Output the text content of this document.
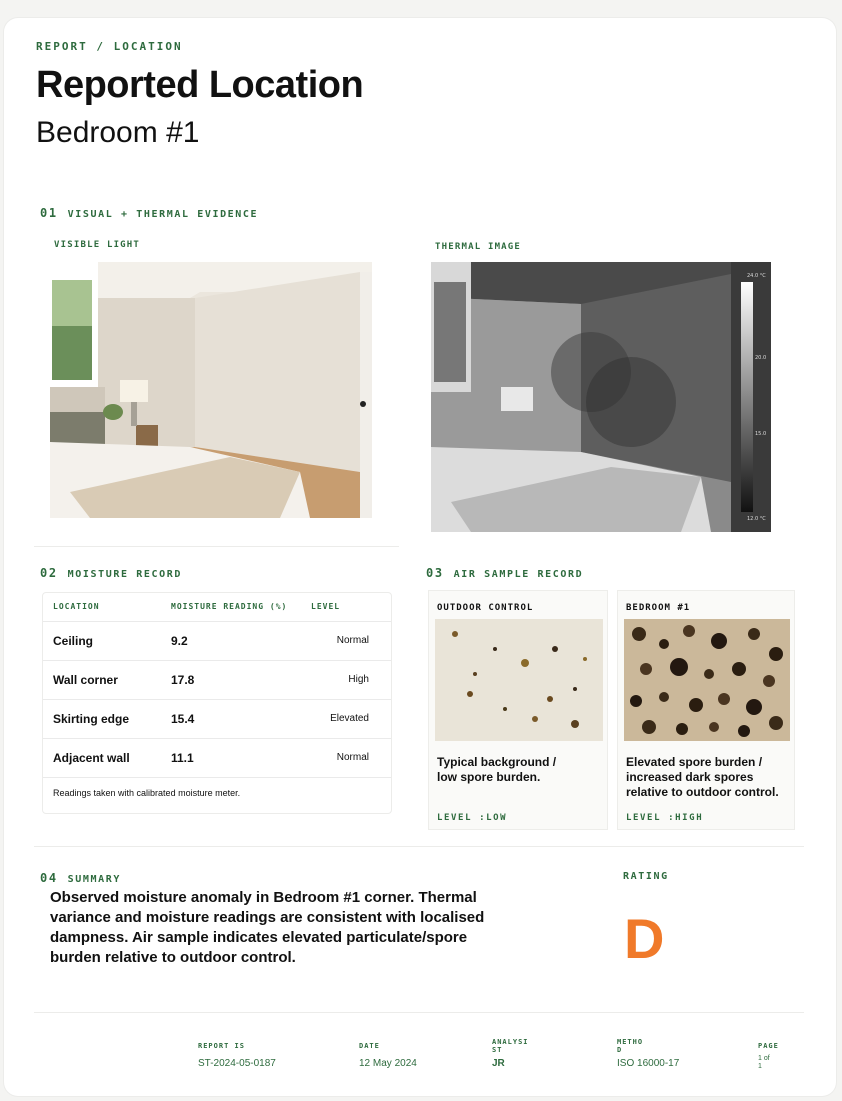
REPORT / LOCATION
Reported Location
Bedroom #1
01 VISUAL + THERMAL EVIDENCE
VISIBLE LIGHT	THERMAL IMAGE
24.0 °C
20.0
15.0
12.0 °C
02 MOISTURE RECORD
LOCATION	MOISTURE READING (%)	LEVEL
Ceiling	9.2	Normal
Wall corner	17.8	High
Skirting edge	15.4	Elevated
Adjacent wall	11.1	Normal
Readings taken with calibrated moisture meter.
03 AIR SAMPLE RECORD
OUTDOOR CONTROL
Typical background / low spore burden.
LEVEL :LOW
BEDROOM #1
Elevated spore burden / increased dark spores relative to outdoor control.
LEVEL :HIGH
04 SUMMARY	RATING
Observed moisture anomaly in Bedroom #1 corner. Thermal variance and moisture readings are consistent with localised dampness. Air sample indicates elevated particulate/spore burden relative to outdoor control.	D
REPORT IS
ST-2024-05-0187
DATE
12 May 2024
ANALYSI ST
JR
METHO D
ISO 16000-17
PAGE
1 of 1
